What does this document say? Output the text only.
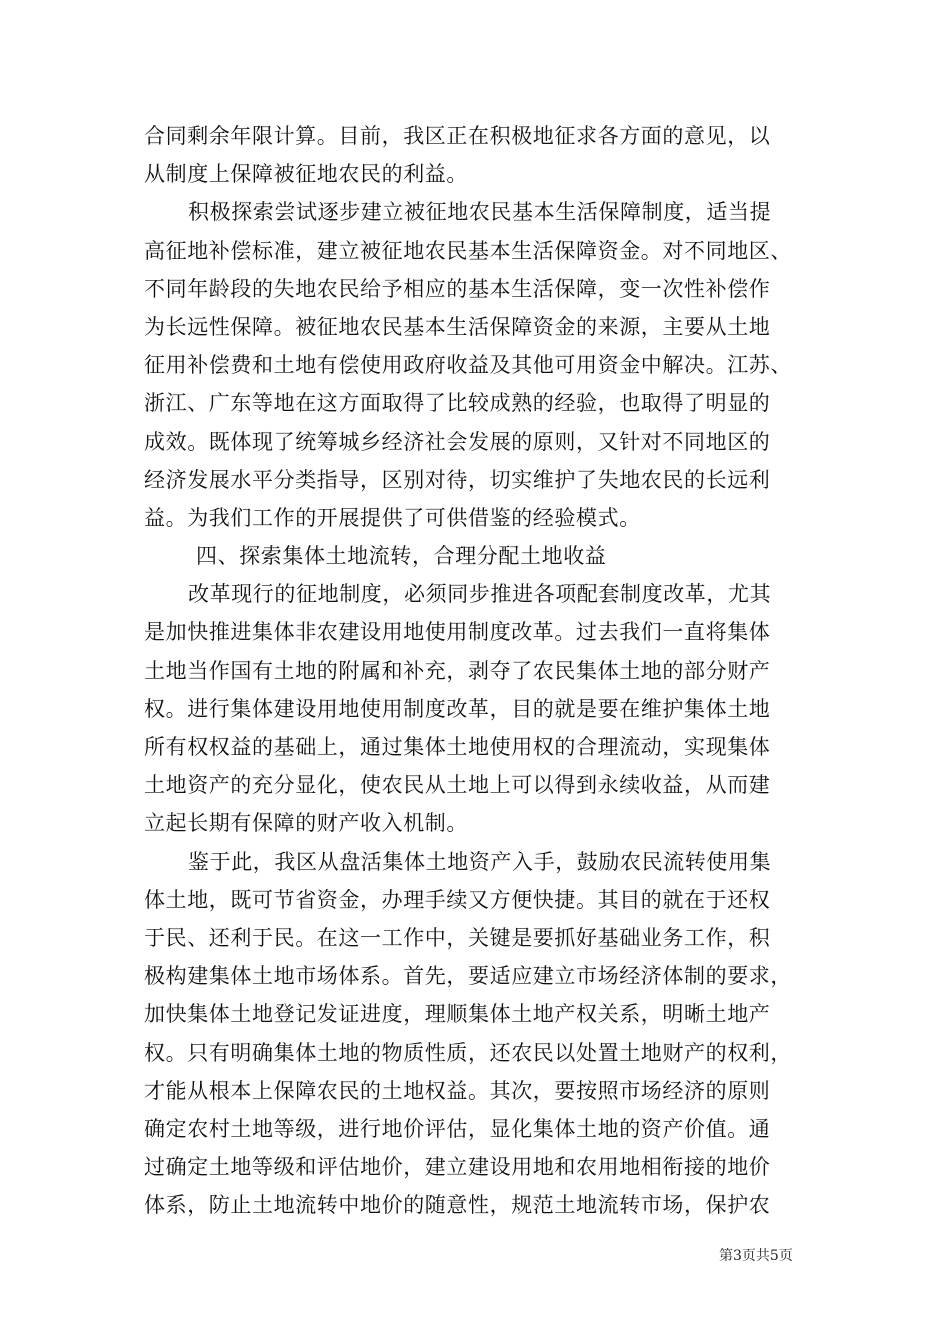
合同剩余年限计算。目前，我区正在积极地征求各方面的意见，以
从制度上保障被征地农民的利益。
积极探索尝试逐步建立被征地农民基本生活保障制度，适当提
高征地补偿标准，建立被征地农民基本生活保障资金。对不同地区、
不同年龄段的失地农民给予相应的基本生活保障，变一次性补偿作
为长远性保障。被征地农民基本生活保障资金的来源，主要从土地
征用补偿费和土地有偿使用政府收益及其他可用资金中解决。江苏、
浙江、广东等地在这方面取得了比较成熟的经验，也取得了明显的
成效。既体现了统筹城乡经济社会发展的原则，又针对不同地区的
经济发展水平分类指导，区别对待，切实维护了失地农民的长远利
益。为我们工作的开展提供了可供借鉴的经验模式。
四、探索集体土地流转，合理分配土地收益
改革现行的征地制度，必须同步推进各项配套制度改革，尤其
是加快推进集体非农建设用地使用制度改革。过去我们一直将集体
土地当作国有土地的附属和补充，剥夺了农民集体土地的部分财产
权。进行集体建设用地使用制度改革，目的就是要在维护集体土地
所有权权益的基础上，通过集体土地使用权的合理流动，实现集体
土地资产的充分显化，使农民从土地上可以得到永续收益，从而建
立起长期有保障的财产收入机制。
鉴于此，我区从盘活集体土地资产入手，鼓励农民流转使用集
体土地，既可节省资金，办理手续又方便快捷。其目的就在于还权
于民、还利于民。在这一工作中，关键是要抓好基础业务工作，积
极构建集体土地市场体系。首先，要适应建立市场经济体制的要求，
加快集体土地登记发证进度，理顺集体土地产权关系，明晰土地产
权。只有明确集体土地的物质性质，还农民以处置土地财产的权利，
才能从根本上保障农民的土地权益。其次，要按照市场经济的原则
确定农村土地等级，进行地价评估，显化集体土地的资产价值。通
过确定土地等级和评估地价，建立建设用地和农用地相衔接的地价
体系，防止土地流转中地价的随意性，规范土地流转市场，保护农
第3页共5页
